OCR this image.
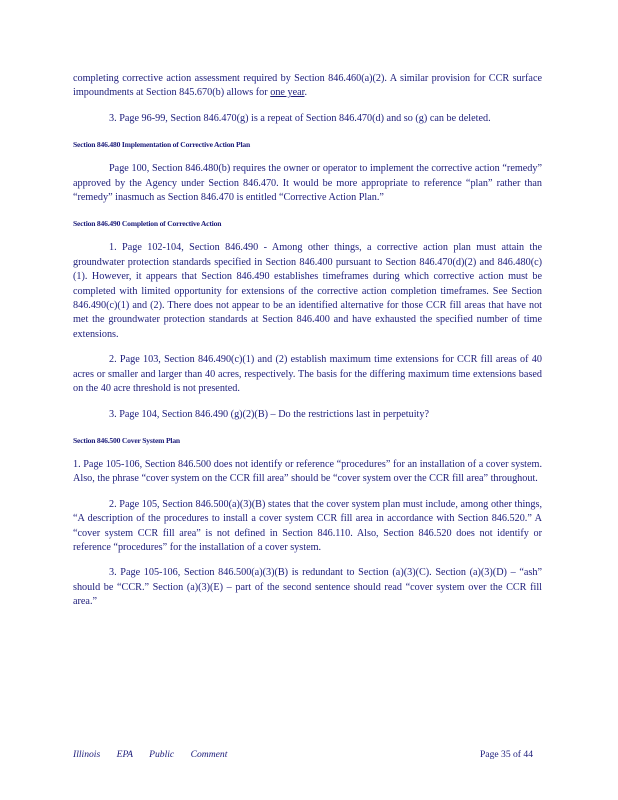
completing corrective action assessment required by Section 846.460(a)(2). A similar provision for CCR surface impoundments at Section 845.670(b) allows for one year.

3. Page 96-99, Section 846.470(g) is a repeat of Section 846.470(d) and so (g) can be deleted.

Section 846.480 Implementation of Corrective Action Plan

Page 100, Section 846.480(b) requires the owner or operator to implement the corrective action “remedy” approved by the Agency under Section 846.470. It would be more appropriate to reference “plan” rather than “remedy” inasmuch as Section 846.470 is entitled “Corrective Action Plan.”

Section 846.490 Completion of Corrective Action

1. Page 102-104, Section 846.490 - Among other things, a corrective action plan must attain the groundwater protection standards specified in Section 846.400 pursuant to Section 846.470(d)(2) and 846.480(c)(1). However, it appears that Section 846.490 establishes timeframes during which corrective action must be completed with limited opportunity for extensions of the corrective action completion timeframes. See Section 846.490(c)(1) and (2). There does not appear to be an identified alternative for those CCR fill areas that have not met the groundwater protection standards at Section 846.400 and have exhausted the specified number of time extensions.

2. Page 103, Section 846.490(c)(1) and (2) establish maximum time extensions for CCR fill areas of 40 acres or smaller and larger than 40 acres, respectively. The basis for the differing maximum time extensions based on the 40 acre threshold is not presented.

3. Page 104, Section 846.490 (g)(2)(B) – Do the restrictions last in perpetuity?

Section 846.500 Cover System Plan

1. Page 105-106, Section 846.500 does not identify or reference “procedures” for an installation of a cover system. Also, the phrase “cover system on the CCR fill area” should be “cover system over the CCR fill area” throughout.

2. Page 105, Section 846.500(a)(3)(B) states that the cover system plan must include, among other things, “A description of the procedures to install a cover system CCR fill area in accordance with Section 846.520.” A “cover system CCR fill area” is not defined in Section 846.110. Also, Section 846.520 does not identify or reference “procedures” for the installation of a cover system.

3. Page 105-106, Section 846.500(a)(3)(B) is redundant to Section (a)(3)(C). Section (a)(3)(D) – “ash” should be “CCR.” Section (a)(3)(E) – part of the second sentence should read “cover system over the CCR fill area.”

Illinois EPA Public Comment	Page 35 of 44
